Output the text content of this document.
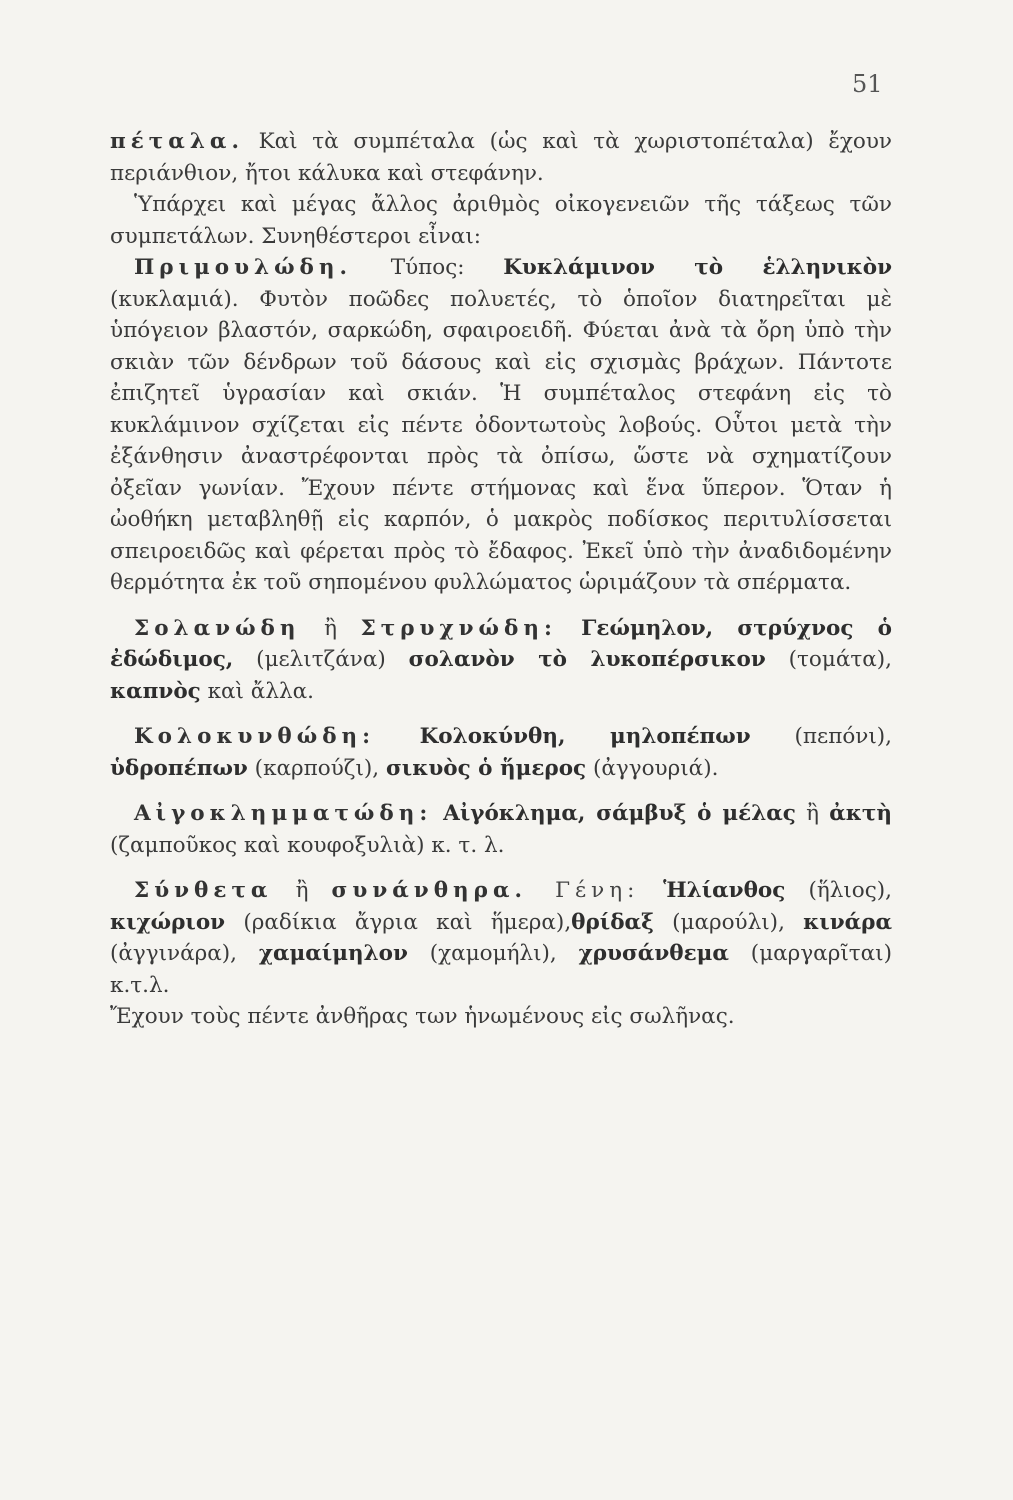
51

πέταλα. Καὶ τὰ συμπέταλα (ὡς καὶ τὰ χωριστοπέταλα) ἔχουν περιάνθιον, ἤτοι κάλυκα καὶ στεφάνην.

Ὑπάρχει καὶ μέγας ἄλλος ἀριθμὸς οἰκογενειῶν τῆς τάξεως τῶν συμπετάλων. Συνηθέστεροι εἶναι:

Πριμουλώδη. Τύπος: Κυκλάμινον τὸ ἑλληνικὸν (κυκλαμιά). Φυτὸν ποῶδες πολυετές, τὸ ὁποῖον διατηρεῖται μὲ ὑπόγειον βλαστόν, σαρκώδη, σφαιροειδῆ. Φύεται ἀνὰ τὰ ὄρη ὑπὸ τὴν σκιὰν τῶν δένδρων τοῦ δάσους καὶ εἰς σχισμὰς βράχων. Πάντοτε ἐπιζητεῖ ὑγρασίαν καὶ σκιάν. Ἡ συμπέταλος στεφάνη εἰς τὸ κυκλάμινον σχίζεται εἰς πέντε ὀδοντωτοὺς λοβούς. Οὗτοι μετὰ τὴν ἐξάνθησιν ἀναστρέφονται πρὸς τὰ ὀπίσω, ὥστε νὰ σχηματίζουν ὀξεῖαν γωνίαν. Ἔχουν πέντε στήμονας καὶ ἕνα ὕπερον. Ὅταν ἡ ὠοθήκη μεταβληθῇ εἰς καρπόν, ὁ μακρὸς ποδίσκος περιτυλίσσεται σπειροειδῶς καὶ φέρεται πρὸς τὸ ἔδαφος. Ἐκεῖ ὑπὸ τὴν ἀναδιδομένην θερμότητα ἐκ τοῦ σηπομένου φυλλώματος ὡριμάζουν τὰ σπέρματα.

Σολανώδη ἢ Στρυχνώδη: Γεώμηλον, στρύχνος ὁ ἐδώδιμος, (μελιτζάνα) σολανὸν τὸ λυκοπέρσικον (τομάτα), καπνὸς καὶ ἄλλα.

Κολοκυνθώδη: Κολοκύνθη, μηλοπέπων (πεπόνι), ὑδροπέπων (καρπούζι), σικυὸς ὁ ἥμερος (ἀγγουριά).

Αἰγοκλημματώδη: Αἰγόκλημα, σάμβυξ ὁ μέλας ἢ ἀκτὴ (ζαμποῦκος καὶ κουφοξυλιὰ) κ. τ. λ.

Σύνθετα ἢ συνάνθηρα. Γένη: Ἡλίανθος (ἥλιος), κιχώριον (ραδίκια ἄγρια καὶ ἥμερα),θρίδαξ (μαρούλι), κινάρα (ἀγγινάρα), χαμαίμηλον (χαμομήλι), χρυσάνθεμα (μαργαρῖται) κ.τ.λ.

Ἔχουν τοὺς πέντε ἀνθῆρας των ἡνωμένους εἰς σωλῆνας.
